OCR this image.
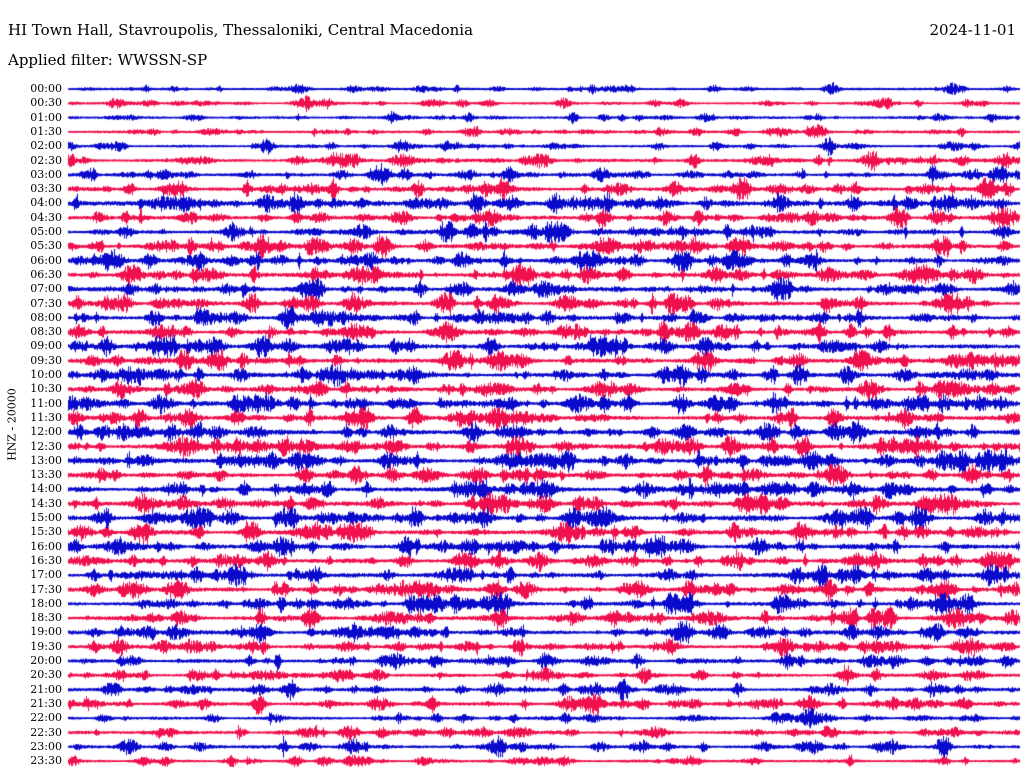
HI Town Hall, Stavroupolis, Thessaloniki, Central Macedonia	2024-11-01
Applied filter: WWSSN-SP
HNZ - 20000
00:00
00:30
01:00
01:30
02:00
02:30
03:00
03:30
04:00
04:30
05:00
05:30
06:00
06:30
07:00
07:30
08:00
08:30
09:00
09:30
10:00
10:30
11:00
11:30
12:00
12:30
13:00
13:30
14:00
14:30
15:00
15:30
16:00
16:30
17:00
17:30
18:00
18:30
19:00
19:30
20:00
20:30
21:00
21:30
22:00
22:30
23:00
23:30
